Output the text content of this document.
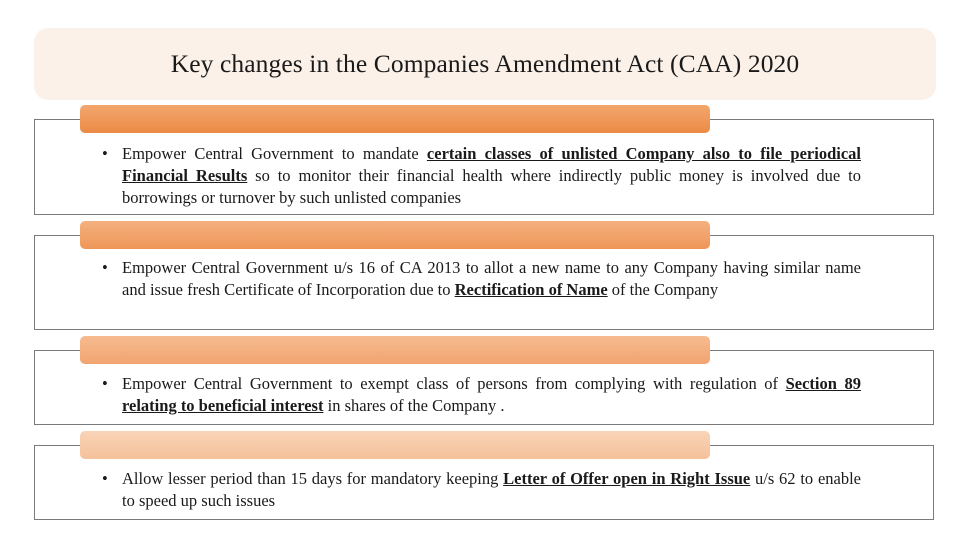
Key changes in the Companies Amendment Act (CAA) 2020
• Empower Central Government to mandate certain classes of unlisted Company also to file periodical Financial Results so to monitor their financial health where indirectly public money is involved due to borrowings or turnover by such unlisted companies

• Empower Central Government u/s 16 of CA 2013 to allot a new name to any Company having similar name and issue fresh Certificate of Incorporation due to Rectification of Name of the Company

• Empower Central Government to exempt class of persons from complying with regulation of Section 89 relating to beneficial interest in shares of the Company .

• Allow lesser period than 15 days for mandatory keeping Letter of Offer open in Right Issue u/s 62 to enable to speed up such issues
